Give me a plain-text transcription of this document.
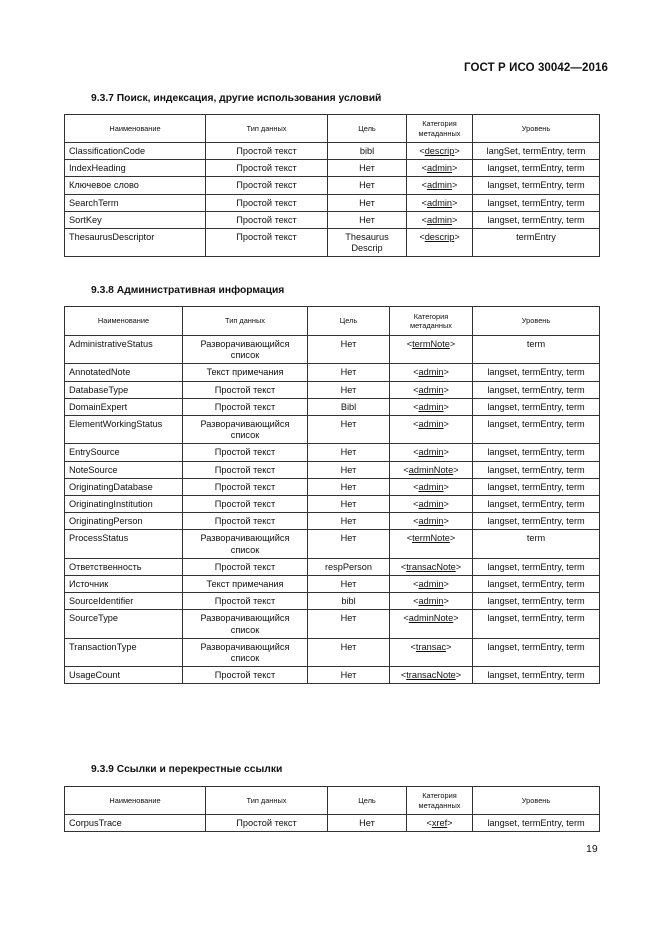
ГОСТ Р ИСО 30042—2016
9.3.7 Поиск, индексация, другие использования условий
Наименование	Тип данных	Цель	Категория метаданных	Уровень
ClassificationCode	Простой текст	bibl	<descrip>	langSet, termEntry, term
IndexHeading	Простой текст	Нет	<admin>	langset, termEntry, term
Ключевое слово	Простой текст	Нет	<admin>	langset, termEntry, term
SearchTerm	Простой текст	Нет	<admin>	langset, termEntry, term
SortKey	Простой текст	Нет	<admin>	langset, termEntry, term
ThesaurusDescriptor	Простой текст	Thesaurus Descrip	<descrip>	termEntry
9.3.8 Административная информация
Наименование	Тип данных	Цель	Категория метаданных	Уровень
AdministrativeStatus	Разворачивающийся список	Нет	<termNote>	term
AnnotatedNote	Текст примечания	Нет	<admin>	langset, termEntry, term
DatabaseType	Простой текст	Нет	<admin>	langset, termEntry, term
DomainExpert	Простой текст	Bibl	<admin>	langset, termEntry, term
ElementWorkingStatus	Разворачивающийся список	Нет	<admin>	langset, termEntry, term
EntrySource	Простой текст	Нет	<admin>	langset, termEntry, term
NoteSource	Простой текст	Нет	<adminNote>	langset, termEntry, term
OriginatingDatabase	Простой текст	Нет	<admin>	langset, termEntry, term
OriginatingInstitution	Простой текст	Нет	<admin>	langset, termEntry, term
OriginatingPerson	Простой текст	Нет	<admin>	langset, termEntry, term
ProcessStatus	Разворачивающийся список	Нет	<termNote>	term
Ответственность	Простой текст	respPerson	<transacNote>	langset, termEntry, term
Источник	Текст примечания	Нет	<admin>	langset, termEntry, term
SourceIdentifier	Простой текст	bibl	<admin>	langset, termEntry, term
SourceType	Разворачивающийся список	Нет	<adminNote>	langset, termEntry, term
TransactionType	Разворачивающийся список	Нет	<transac>	langset, termEntry, term
UsageCount	Простой текст	Нет	<transacNote>	langset, termEntry, term
9.3.9 Ссылки и перекрестные ссылки
Наименование	Тип данных	Цель	Категория метаданных	Уровень
CorpusTrace	Простой текст	Нет	<xref>	langset, termEntry, term
19
